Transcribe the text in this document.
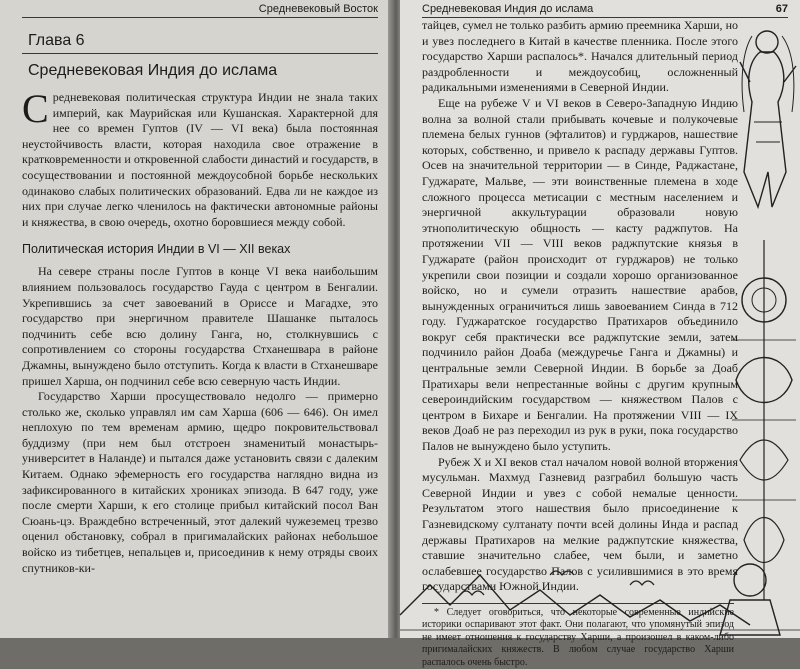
Средневековый Восток
Глава 6
Средневековая Индия до ислама

Средневековая политическая структура Индии не знала таких империй, как Маурийская или Кушанская. Характерной для нее со времен Гуптов (IV — VI века) была постоянная неустойчивость власти, которая находила свое отражение в кратковременности и откровенной слабости династий и государств, в сосуществовании и постоянной междоусобной борьбе нескольких одинаково слабых политических образований. Едва ли не каждое из них при случае легко членилось на фактически автономные районы и княжества, в свою очередь, охотно боровшиеся между собой.

Политическая история Индии в VI — XII веках

На севере страны после Гуптов в конце VI века наибольшим влиянием пользовалось государство Гауда с центром в Бенгалии. Укрепившись за счет завоеваний в Ориссе и Магадхе, это государство при энергичном правителе Шашанке пыталось подчинить себе всю долину Ганга, но, столкнувшись с сопротивлением со стороны государства Стханешвара в районе Джамны, вынуждено было отступить. Когда к власти в Стханешваре пришел Харша, он подчинил себе всю северную часть Индии.

Государство Харши просуществовало недолго — примерно столько же, сколько управлял им сам Харша (606 — 646). Он имел неплохую по тем временам армию, щедро покровительствовал буддизму (при нем был отстроен знаменитый монастырь-университет в Наланде) и пытался даже установить связи с далеким Китаем. Однако эфемерность его государства наглядно видна из зафиксированного в китайских хрониках эпизода. В 647 году, уже после смерти Харши, к его столице прибыл китайский посол Ван Сюань-цэ. Враждебно встреченный, этот далекий чужеземец трезво оценил обстановку, собрал в пригималайских районах небольшое войско из тибетцев, непальцев и, присоединив к нему отряды своих спутников-ки-

Средневековая Индия до ислама	67

тайцев, сумел не только разбить армию преемника Харши, но и увез последнего в Китай в качестве пленника. После этого государство Харши распалось*. Начался длительный период раздробленности и междоусобиц, осложненный радикальными изменениями в Северной Индии.

Еще на рубеже V и VI веков в Северо-Западную Индию волна за волной стали прибывать кочевые и полукочевые племена белых гуннов (эфталитов) и гурджаров, нашествие которых, собственно, и привело к распаду державы Гуптов. Осев на значительной территории — в Синде, Раджастане, Гуджарате, Мальве, — эти воинственные племена в ходе сложного процесса метисации с местным населением и энергичной аккультурации образовали новую этнополитическую общность — касту раджпутов. На протяжении VII — VIII веков раджпутские князья в Гуджарате (район происходит от гурджаров) не только укрепили свои позиции и создали хорошо организованное войско, но и сумели отразить нашествие арабов, вынужденных ограничиться лишь завоеванием Синда в 712 году. Гуджаратское государство Пратихаров объединило вокруг себя практически все раджпутские земли, затем подчинило район Доаба (междуречье Ганга и Джамны) и центральные земли Северной Индии. В борьбе за Доаб Пратихары вели непрестанные войны с другим крупным североиндийским государством — княжеством Палов с центром в Бихаре и Бенгалии. На протяжении VIII — IX веков Доаб не раз переходил из рук в руки, пока государство Палов не вынуждено было уступить.

Рубеж X и XI веков стал началом новой волной вторжения мусульман. Махмуд Газневид разграбил большую часть Северной Индии и увез с собой немалые ценности. Результатом этого нашествия было присоединение к Газневидскому султанату почти всей долины Инда и распад державы Пратихаров на мелкие раджпутские княжества, ставшие значительно слабее, чем были, и заметно ослабевшее государство Палов с усилившимися в это время государствами Южной Индии.

* Следует оговориться, что некоторые современные индийские историки оспаривают этот факт. Они полагают, что упомянутый эпизод не имеет отношения к государству Харши, а произошел в каком-либо пригималайских княжеств. В любом случае государство Харши распалось очень быстро.
